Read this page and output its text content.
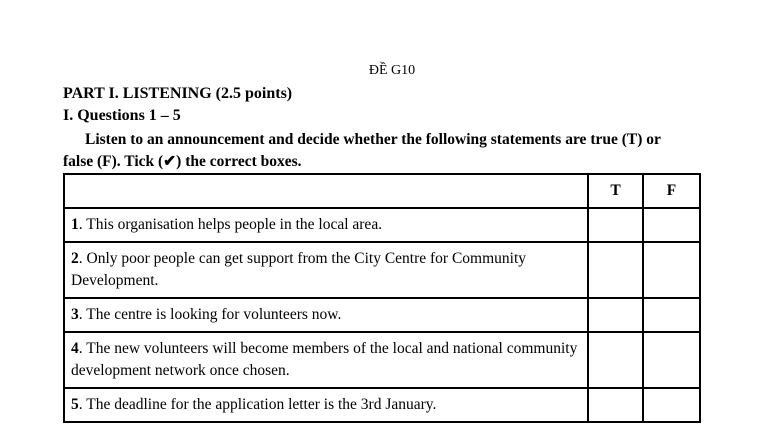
ĐỀ G10
PART I. LISTENING (2.5 points)
I. Questions 1 – 5
Listen to an announcement and decide whether the following statements are true (T) or
false (F). Tick (✔) the correct boxes.
	T	F
1. This organisation helps people in the local area.		
2. Only poor people can get support from the City Centre for Community Development.		
3. The centre is looking for volunteers now.		
4. The new volunteers will become members of the local and national community development network once chosen.		
5. The deadline for the application letter is the 3rd January.		
